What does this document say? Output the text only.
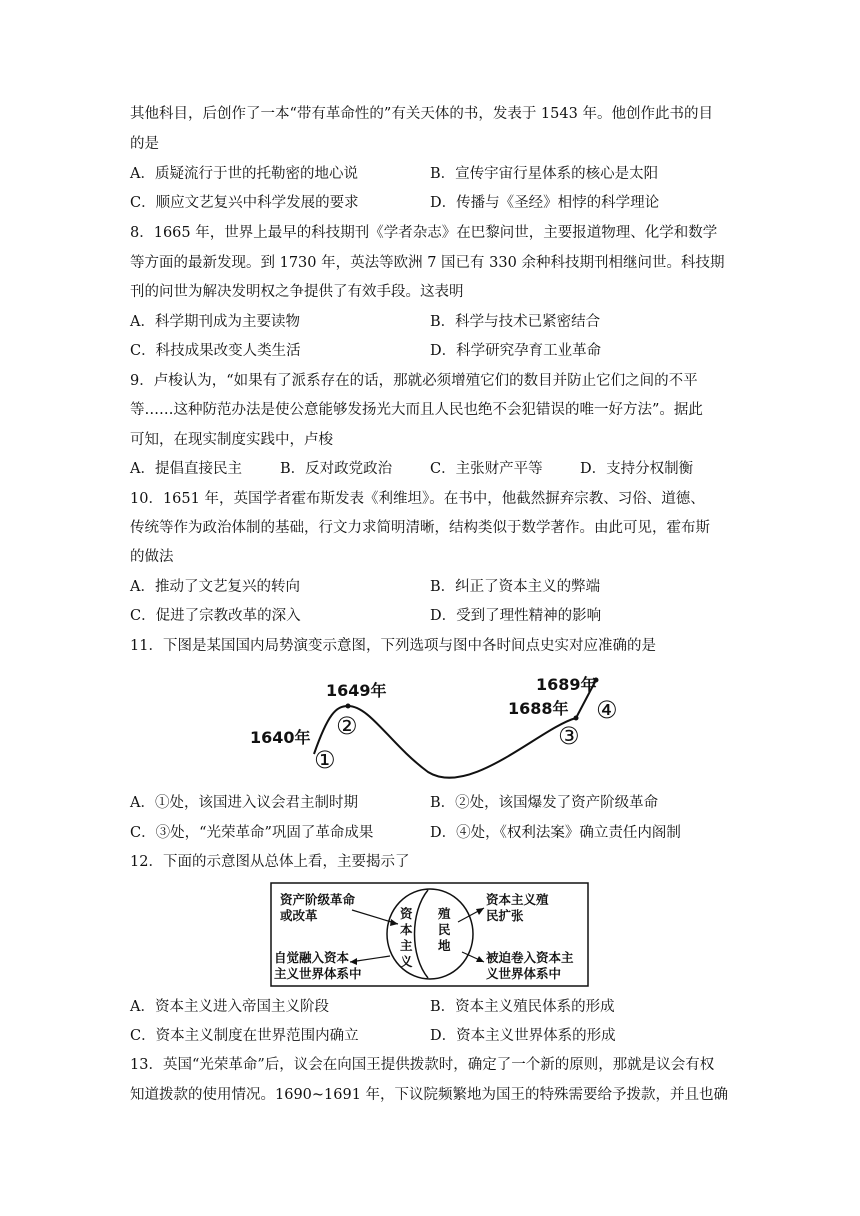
其他科目，后创作了一本“带有革命性的”有关天体的书，发表于 1543 年。他创作此书的目
的是
A．质疑流行于世的托勒密的地心说	B．宣传宇宙行星体系的核心是太阳
C．顺应文艺复兴中科学发展的要求	D．传播与《圣经》相悖的科学理论
8．1665 年，世界上最早的科技期刊《学者杂志》在巴黎问世，主要报道物理、化学和数学
等方面的最新发现。到 1730 年，英法等欧洲 7 国已有 330 余种科技期刊相继问世。科技期
刊的问世为解决发明权之争提供了有效手段。这表明
A．科学期刊成为主要读物	B．科学与技术已紧密结合
C．科技成果改变人类生活	D．科学研究孕育工业革命
9．卢梭认为，“如果有了派系存在的话，那就必须增殖它们的数目并防止它们之间的不平
等……这种防范办法是使公意能够发扬光大而且人民也绝不会犯错误的唯一好方法”。据此
可知，在现实制度实践中，卢梭
A．提倡直接民主	B．反对政党政治	C．主张财产平等	D．支持分权制衡
10．1651 年，英国学者霍布斯发表《利维坦》。在书中，他截然摒弃宗教、习俗、道德、
传统等作为政治体制的基础，行文力求简明清晰，结构类似于数学著作。由此可见，霍布斯
的做法
A．推动了文艺复兴的转向	B．纠正了资本主义的弊端
C．促进了宗教改革的深入	D．受到了理性精神的影响
11．下图是某国国内局势演变示意图，下列选项与图中各时间点史实对应准确的是
1640年
1649年
1688年
1689年
①
②	③
④
A．①处，该国进入议会君主制时期	B．②处，该国爆发了资产阶级革命
C．③处，“光荣革命”巩固了革命成果	D．④处，《权利法案》确立责任内阁制
12．下面的示意图从总体上看，主要揭示了
资产阶级革命
或改革
自觉融入资本
主义世界体系中
资本主义殖
民扩张
被迫卷入资本主
义世界体系中
资
本
主
义
殖
民
地
A．资本主义进入帝国主义阶段	B．资本主义殖民体系的形成
C．资本主义制度在世界范围内确立	D．资本主义世界体系的形成
13．英国“光荣革命”后，议会在向国王提供拨款时，确定了一个新的原则，那就是议会有权
知道拨款的使用情况。1690~1691 年，下议院频繁地为国王的特殊需要给予拨款，并且也确
